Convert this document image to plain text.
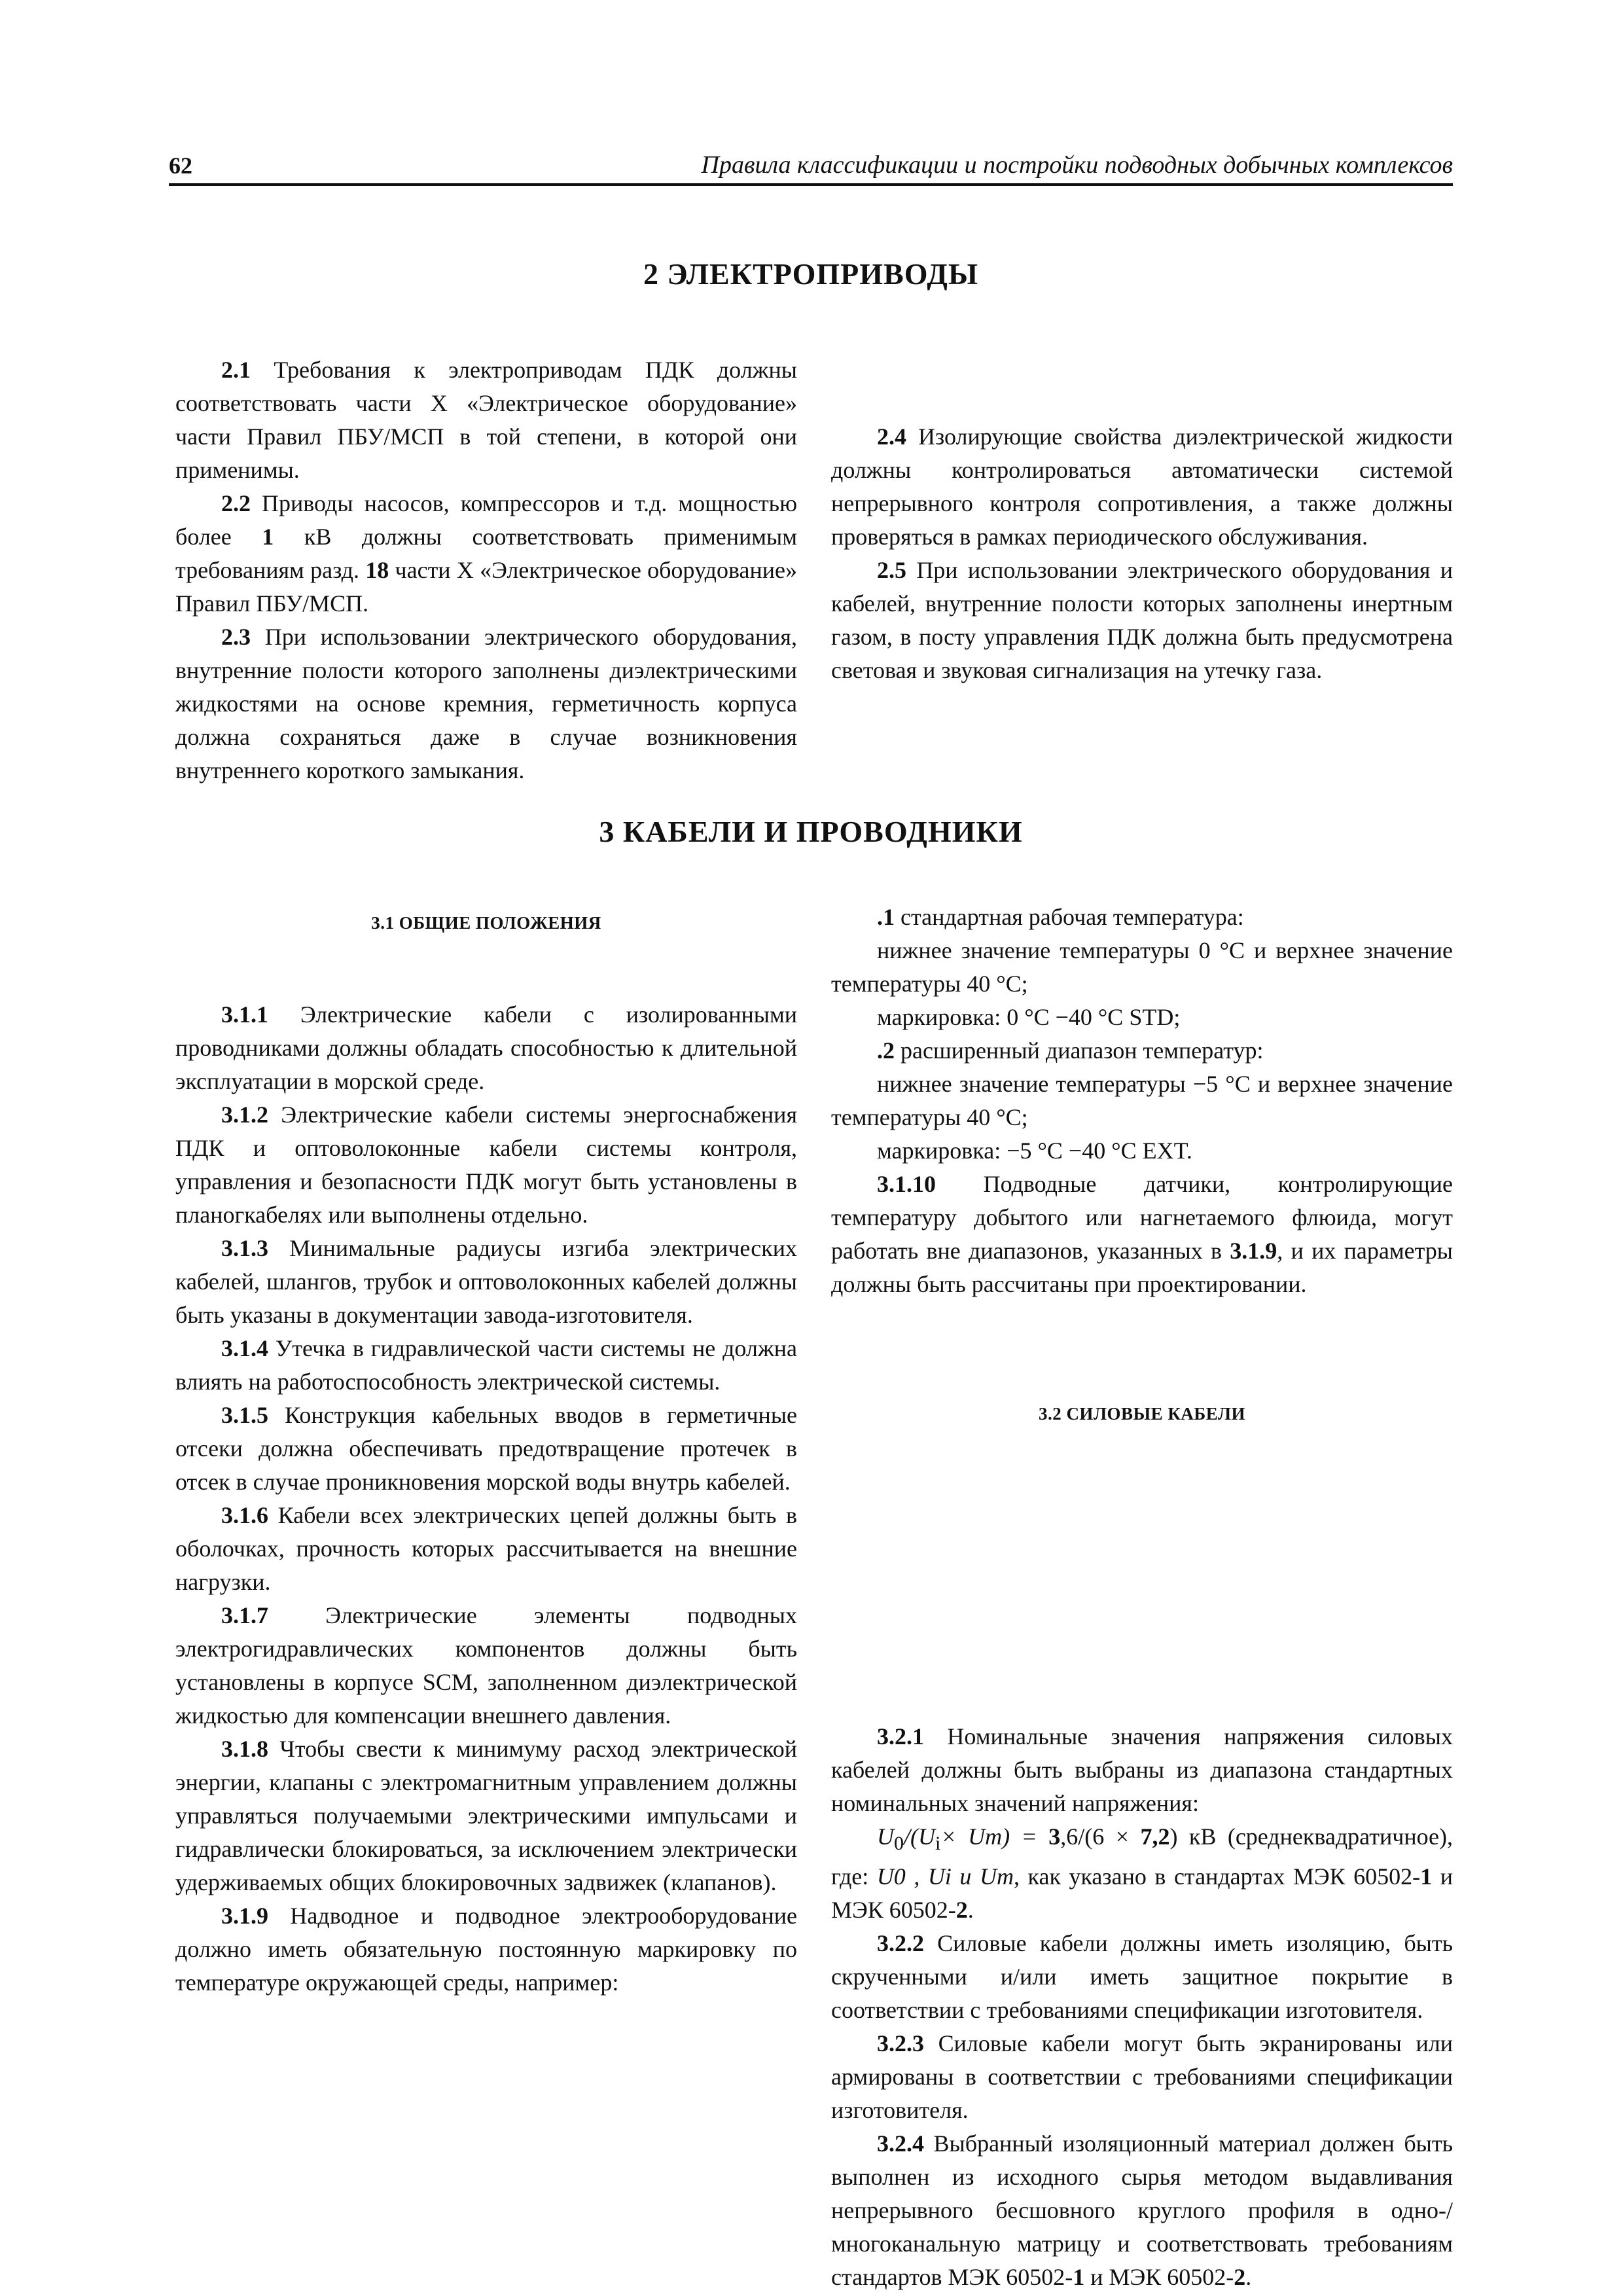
62	Правила классификации и постройки подводных добычных комплексов
2 ЭЛЕКТРОПРИВОДЫ

2.1 Требования к электроприводам ПДК должны соответствовать части X «Электрическое оборудование» части Правил ПБУ/МСП в той степени, в которой они применимы.

2.2 Приводы насосов, компрессоров и т.д. мощностью более 1 кВ должны соответствовать применимым требованиям разд. 18 части X «Электрическое оборудование» Правил ПБУ/МСП.

2.3 При использовании электрического оборудования, внутренние полости которого заполнены диэлектрическими жидкостями на основе кремния, герметичность корпуса должна сохраняться даже в случае возникновения внутреннего короткого замыкания.

2.4 Изолирующие свойства диэлектрической жидкости должны контролироваться автоматически системой непрерывного контроля сопротивления, а также должны проверяться в рамках периодического обслуживания.

2.5 При использовании электрического оборудования и кабелей, внутренние полости которых заполнены инертным газом, в посту управления ПДК должна быть предусмотрена световая и звуковая сигнализация на утечку газа.

3 КАБЕЛИ И ПРОВОДНИКИ
3.1 ОБЩИЕ ПОЛОЖЕНИЯ

3.1.1 Электрические кабели с изолированными проводниками должны обладать способностью к длительной эксплуатации в морской среде.

3.1.2 Электрические кабели системы энергоснабжения ПДК и оптоволоконные кабели системы контроля, управления и безопасности ПДК могут быть установлены в планогкабелях или выполнены отдельно.

3.1.3 Минимальные радиусы изгиба электрических кабелей, шлангов, трубок и оптоволоконных кабелей должны быть указаны в документации завода-изготовителя.

3.1.4 Утечка в гидравлической части системы не должна влиять на работоспособность электрической системы.

3.1.5 Конструкция кабельных вводов в герметичные отсеки должна обеспечивать предотвращение протечек в отсек в случае проникновения морской воды внутрь кабелей.

3.1.6 Кабели всех электрических цепей должны быть в оболочках, прочность которых рассчитывается на внешние нагрузки.

3.1.7 Электрические элементы подводных электрогидравлических компонентов должны быть установлены в корпусе SCM, заполненном диэлектрической жидкостью для компенсации внешнего давления.

3.1.8 Чтобы свести к минимуму расход электрической энергии, клапаны с электромагнитным управлением должны управляться получаемыми электрическими импульсами и гидравлически блокироваться, за исключением электрически удерживаемых общих блокировочных задвижек (клапанов).

3.1.9 Надводное и подводное электрооборудование должно иметь обязательную постоянную маркировку по температуре окружающей среды, например:

.1 стандартная рабочая температура:

нижнее значение температуры 0 °С и верхнее значение температуры 40 °С;

маркировка: 0 °С −40 °С STD;

.2 расширенный диапазон температур:

нижнее значение температуры −5 °С и верхнее значение температуры 40 °С;

маркировка: −5 °С −40 °С EXT.

3.1.10 Подводные датчики, контролирующие температуру добытого или нагнетаемого флюида, могут работать вне диапазонов, указанных в 3.1.9, и их параметры должны быть рассчитаны при проектировании.

3.2.1 Номинальные значения напряжения силовых кабелей должны быть выбраны из диапазона стандартных номинальных значений напряжения:

$U_0/(U_i\times Um) = 3,6/(6 \times 7,2)$ кВ (среднеквадратичное), где: U0 , Ui и Um, как указано в стандартах МЭК 60502-1 и МЭК 60502-2.

3.2.2 Силовые кабели должны иметь изоляцию, быть скрученными и/или иметь защитное покрытие в соответствии с требованиями спецификации изготовителя.

3.2.3 Силовые кабели могут быть экранированы или армированы в соответствии с требованиями спецификации изготовителя.

3.2.4 Выбранный изоляционный материал должен быть выполнен из исходного сырья методом выдавливания непрерывного бесшовного круглого профиля в одно-/многоканальную матрицу и соответствовать требованиям стандартов МЭК 60502-1 и МЭК 60502-2.

3.2 СИЛОВЫЕ КАБЕЛИ
